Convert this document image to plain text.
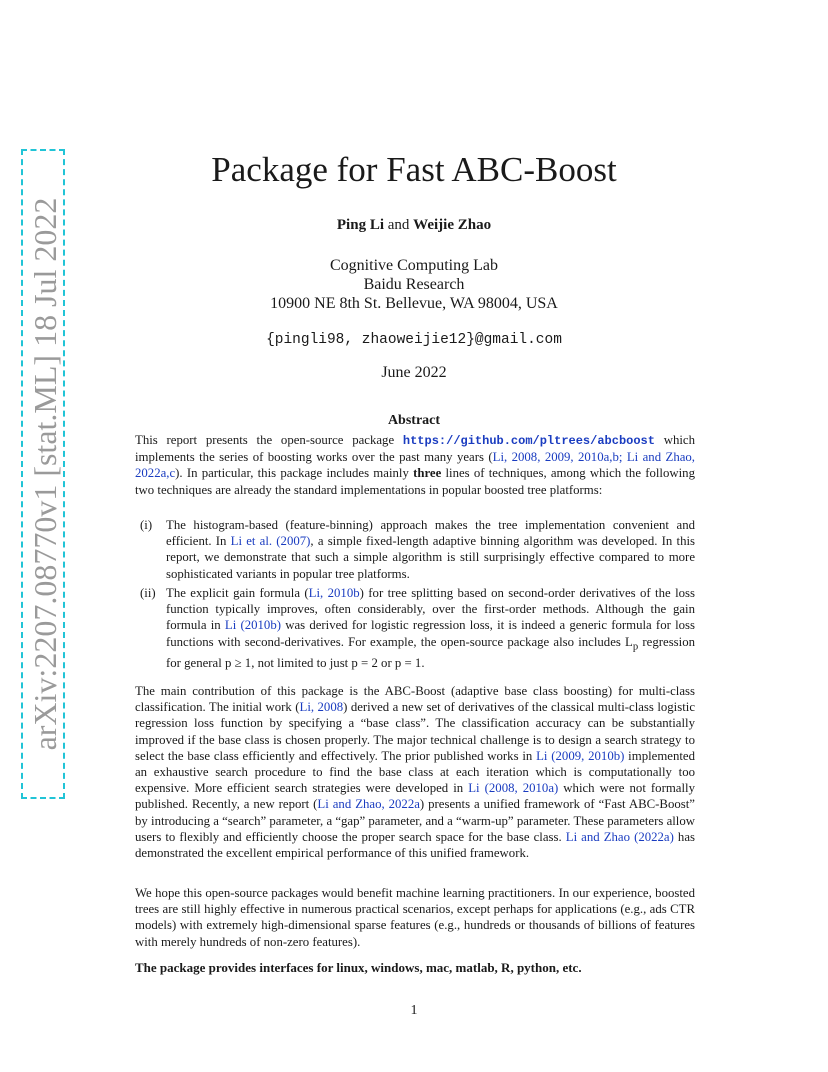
arXiv:2207.08770v1 [stat.ML] 18 Jul 2022
Package for Fast ABC-Boost
Ping Li and Weijie Zhao
Cognitive Computing Lab
Baidu Research
10900 NE 8th St. Bellevue, WA 98004, USA
{pingli98, zhaoweijie12}@gmail.com
June 2022
Abstract
This report presents the open-source package https://github.com/pltrees/abcboost which implements the series of boosting works over the past many years (Li, 2008, 2009, 2010a,b; Li and Zhao, 2022a,c). In particular, this package includes mainly three lines of techniques, among which the following two techniques are already the standard implementations in popular boosted tree platforms:
(i) The histogram-based (feature-binning) approach makes the tree implementation convenient and efficient. In Li et al. (2007), a simple fixed-length adaptive binning algorithm was developed. In this report, we demonstrate that such a simple algorithm is still surprisingly effective compared to more sophisticated variants in popular tree platforms.
(ii) The explicit gain formula (Li, 2010b) for tree splitting based on second-order derivatives of the loss function typically improves, often considerably, over the first-order methods. Although the gain formula in Li (2010b) was derived for logistic regression loss, it is indeed a generic formula for loss functions with second-derivatives. For example, the open-source package also includes $L_p$ regression for general p ≥ 1, not limited to just p = 2 or p = 1.
The main contribution of this package is the ABC-Boost (adaptive base class boosting) for multi-class classification. The initial work (Li, 2008) derived a new set of derivatives of the classical multi-class logistic regression loss function by specifying a “base class”. The classification accuracy can be substantially improved if the base class is chosen properly. The major technical challenge is to design a search strategy to select the base class efficiently and effectively. The prior published works in Li (2009, 2010b) implemented an exhaustive search procedure to find the base class at each iteration which is computationally too expensive. More efficient search strategies were developed in Li (2008, 2010a) which were not formally published. Recently, a new report (Li and Zhao, 2022a) presents a unified framework of “Fast ABC-Boost” by introducing a “search” parameter, a “gap” parameter, and a “warm-up” parameter. These parameters allow users to flexibly and efficiently choose the proper search space for the base class. Li and Zhao (2022a) has demonstrated the excellent empirical performance of this unified framework.
We hope this open-source packages would benefit machine learning practitioners. In our experience, boosted trees are still highly effective in numerous practical scenarios, except perhaps for applications (e.g., ads CTR models) with extremely high-dimensional sparse features (e.g., hundreds or thousands of billions of features with merely hundreds of non-zero features).
The package provides interfaces for linux, windows, mac, matlab, R, python, etc.
1
